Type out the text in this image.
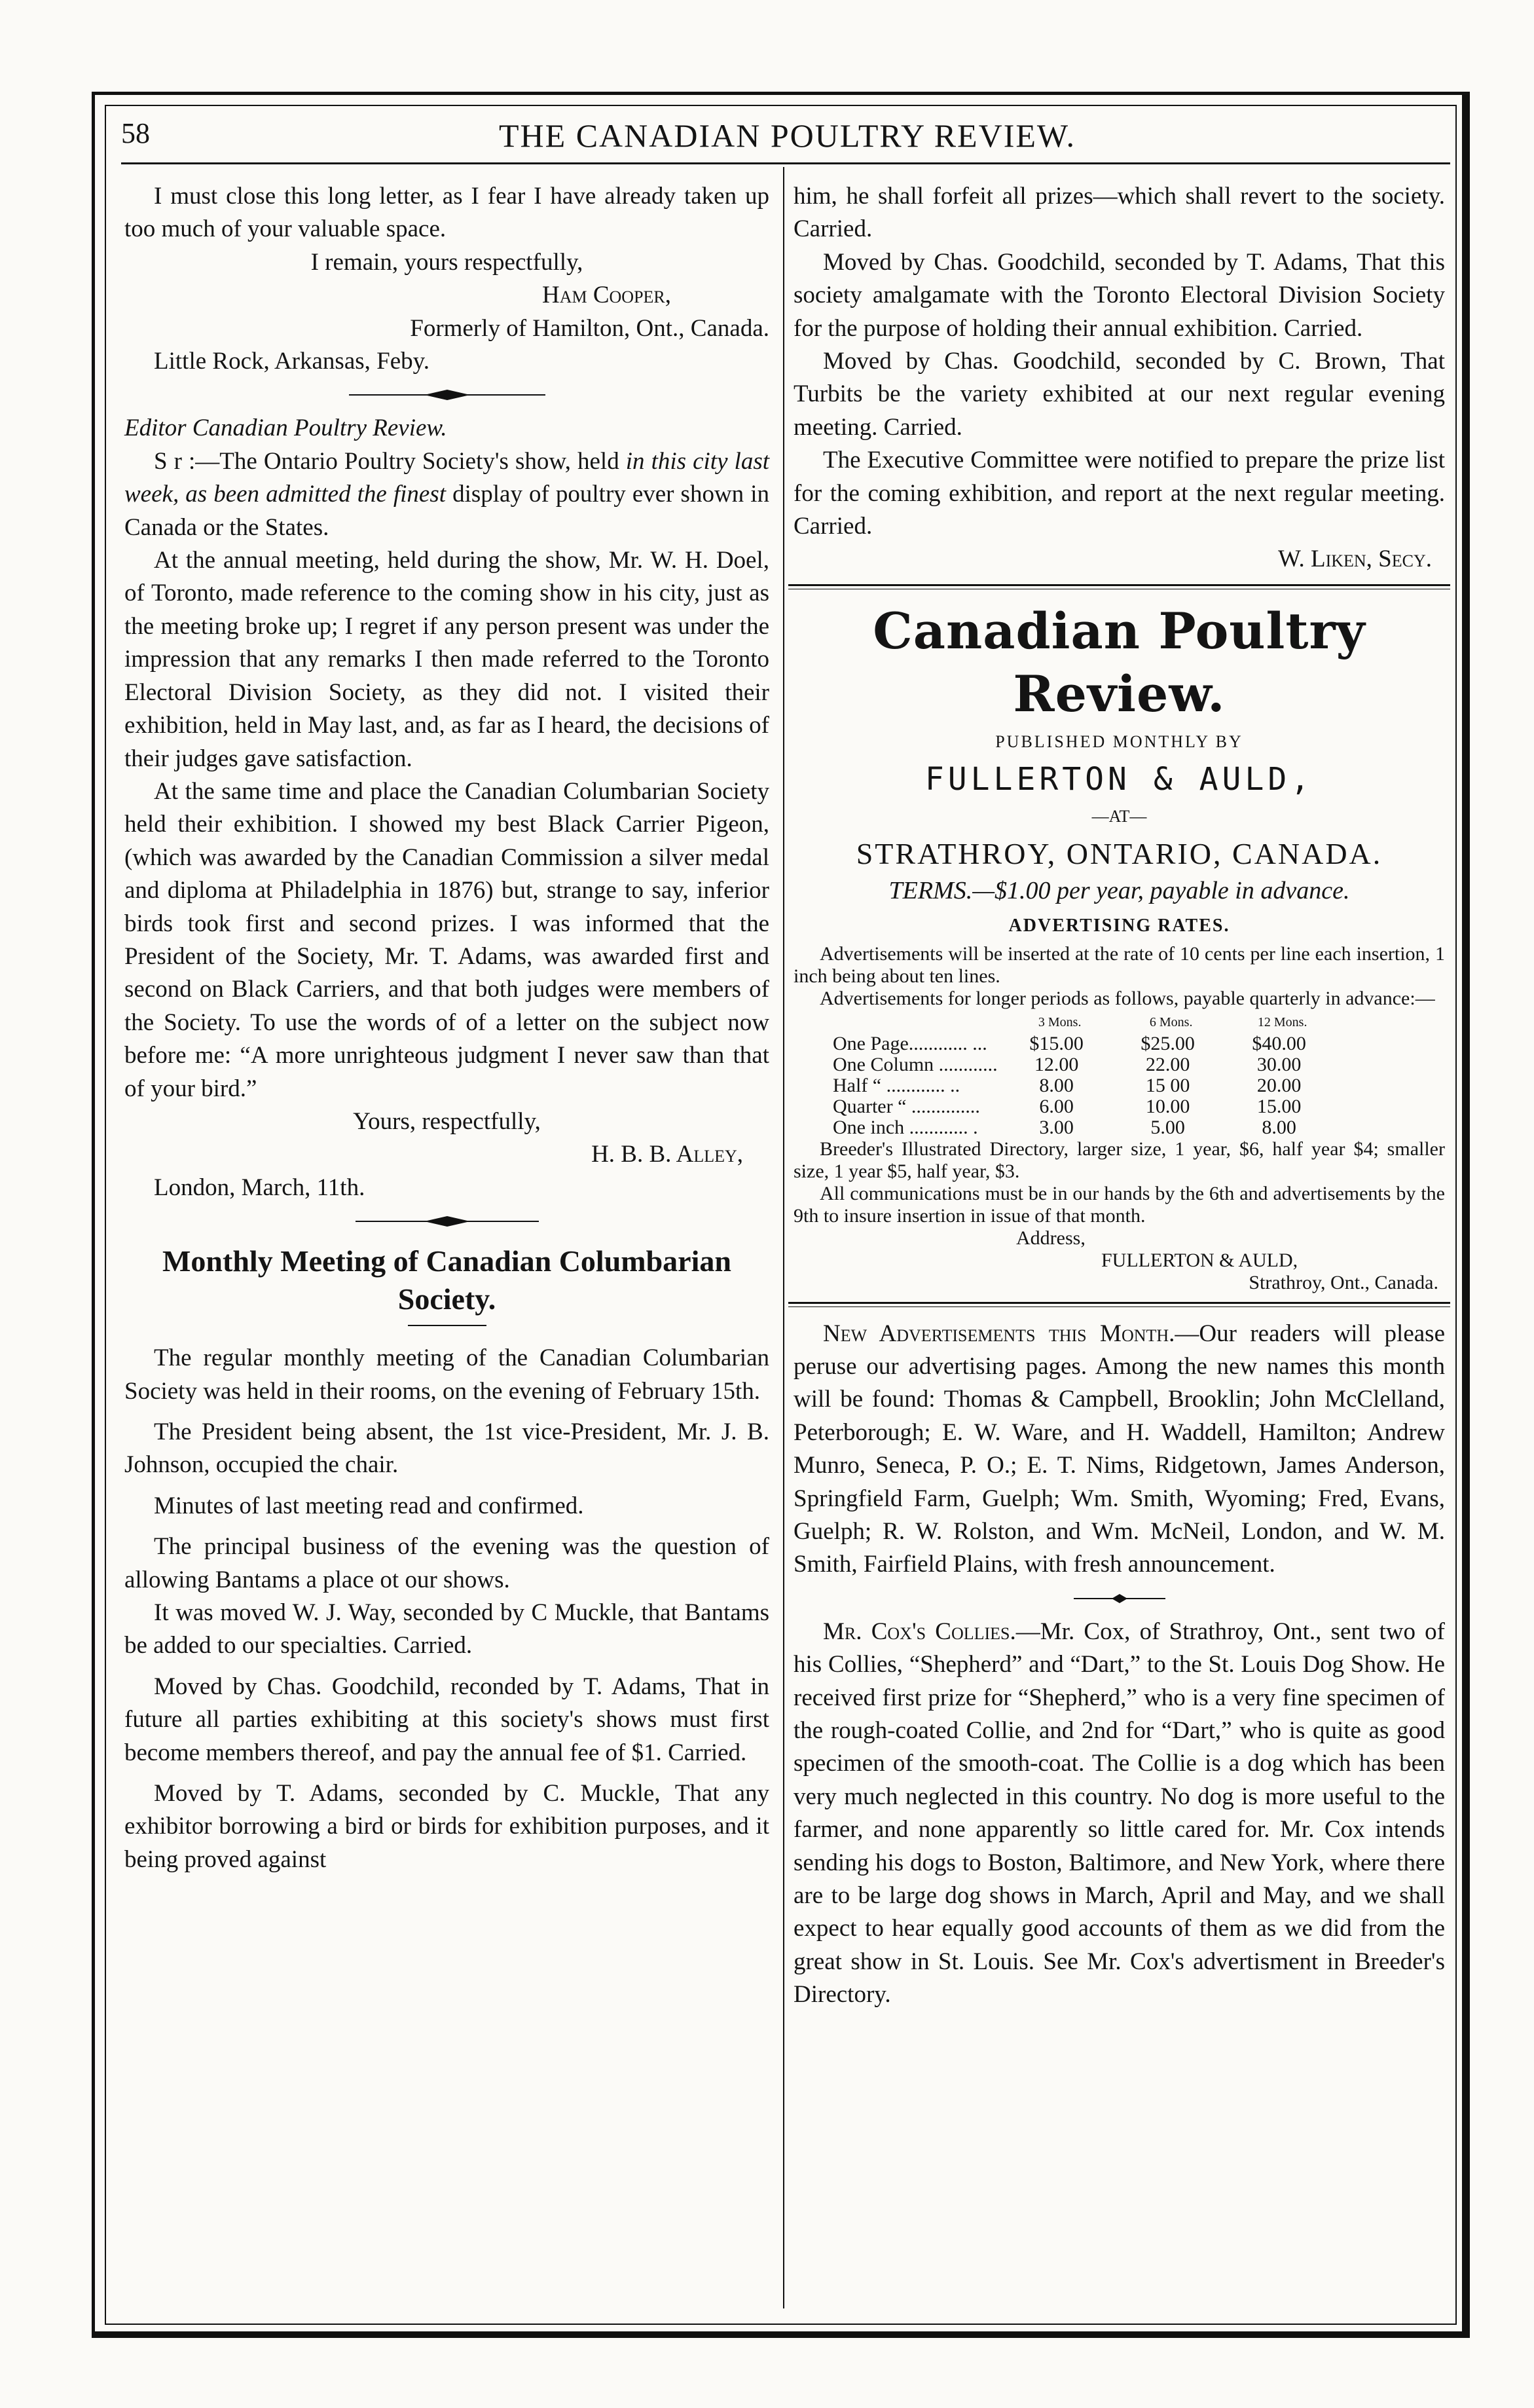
58	THE CANADIAN POULTRY REVIEW.

I must close this long letter, as I fear I have already taken up too much of your valuable space.

I remain, yours respectfully,

Ham Cooper,

Formerly of Hamilton, Ont., Canada.

Little Rock, Arkansas, Feby.

Editor Canadian Poultry Review.

S r :—The Ontario Poultry Society's show, held in this city last week, as been admitted the finest display of poultry ever shown in Canada or the States.

At the annual meeting, held during the show, Mr. W. H. Doel, of Toronto, made reference to the coming show in his city, just as the meeting broke up; I regret if any person present was under the impression that any remarks I then made referred to the Toronto Electoral Division Society, as they did not. I visited their exhibition, held in May last, and, as far as I heard, the decisions of their judges gave satisfaction.

At the same time and place the Canadian Columbarian Society held their exhibition. I showed my best Black Carrier Pigeon, (which was awarded by the Canadian Commission a silver medal and diploma at Philadelphia in 1876) but, strange to say, inferior birds took first and second prizes. I was informed that the President of the Society, Mr. T. Adams, was awarded first and second on Black Carriers, and that both judges were members of the Society. To use the words of of a letter on the subject now before me: “A more unrighteous judgment I never saw than that of your bird.”

Yours, respectfully,

H. B. B. Alley,

London, March, 11th.

Monthly Meeting of Canadian Columbarian Society.

The regular monthly meeting of the Canadian Columbarian Society was held in their rooms, on the evening of February 15th.

The President being absent, the 1st vice-President, Mr. J. B. Johnson, occupied the chair.

Minutes of last meeting read and confirmed.

The principal business of the evening was the question of allowing Bantams a place ot our shows.

It was moved W. J. Way, seconded by C Muckle, that Bantams be added to our specialties. Carried.

Moved by Chas. Goodchild, reconded by T. Adams, That in future all parties exhibiting at this society's shows must first become members thereof, and pay the annual fee of $1. Carried.

Moved by T. Adams, seconded by C. Muckle, That any exhibitor borrowing a bird or birds for exhibition purposes, and it being proved against

him, he shall forfeit all prizes—which shall revert to the society. Carried.

Moved by Chas. Goodchild, seconded by T. Adams, That this society amalgamate with the Toronto Electoral Division Society for the purpose of holding their annual exhibition. Carried.

Moved by Chas. Goodchild, seconded by C. Brown, That Turbits be the variety exhibited at our next regular evening meeting. Carried.

The Executive Committee were notified to prepare the prize list for the coming exhibition, and report at the next regular meeting. Carried.

W. Liken, Secy.

Canadian Poultry Review.
PUBLISHED MONTHLY BY
FULLERTON & AULD,
—AT—
STRATHROY, ONTARIO, CANADA.
TERMS.—$1.00 per year, payable in advance.
ADVERTISING RATES.

Advertisements will be inserted at the rate of 10 cents per line each insertion, 1 inch being about ten lines.

Advertisements for longer periods as follows, payable quarterly in advance:—

	3 Mons.	6 Mons.	12 Mons.
One Page............ ...	$15.00	$25.00	$40.00
One Column ............	12.00	22.00	30.00
Half “ ............ ..	8.00	15 00	20.00
Quarter “ ..............	6.00	10.00	15.00
One inch ............ .	3.00	5.00	8.00

Breeder's Illustrated Directory, larger size, 1 year, $6, half year $4; smaller size, 1 year $5, half year, $3.

All communications must be in our hands by the 6th and advertisements by the 9th to insure insertion in issue of that month.

Address,

FULLERTON & AULD,

Strathroy, Ont., Canada.

New Advertisements this Month.—Our readers will please peruse our advertising pages. Among the new names this month will be found: Thomas & Campbell, Brooklin; John McClelland, Peterborough; E. W. Ware, and H. Waddell, Hamilton; Andrew Munro, Seneca, P. O.; E. T. Nims, Ridgetown, James Anderson, Springfield Farm, Guelph; Wm. Smith, Wyoming; Fred, Evans, Guelph; R. W. Rolston, and Wm. McNeil, London, and W. M. Smith, Fairfield Plains, with fresh announcement.

Mr. Cox's Collies.—Mr. Cox, of Strathroy, Ont., sent two of his Collies, “Shepherd” and “Dart,” to the St. Louis Dog Show. He received first prize for “Shepherd,” who is a very fine specimen of the rough-coated Collie, and 2nd for “Dart,” who is quite as good specimen of the smooth-coat. The Collie is a dog which has been very much neglected in this country. No dog is more useful to the farmer, and none apparently so little cared for. Mr. Cox intends sending his dogs to Boston, Baltimore, and New York, where there are to be large dog shows in March, April and May, and we shall expect to hear equally good accounts of them as we did from the great show in St. Louis. See Mr. Cox's advertisment in Breeder's Directory.
